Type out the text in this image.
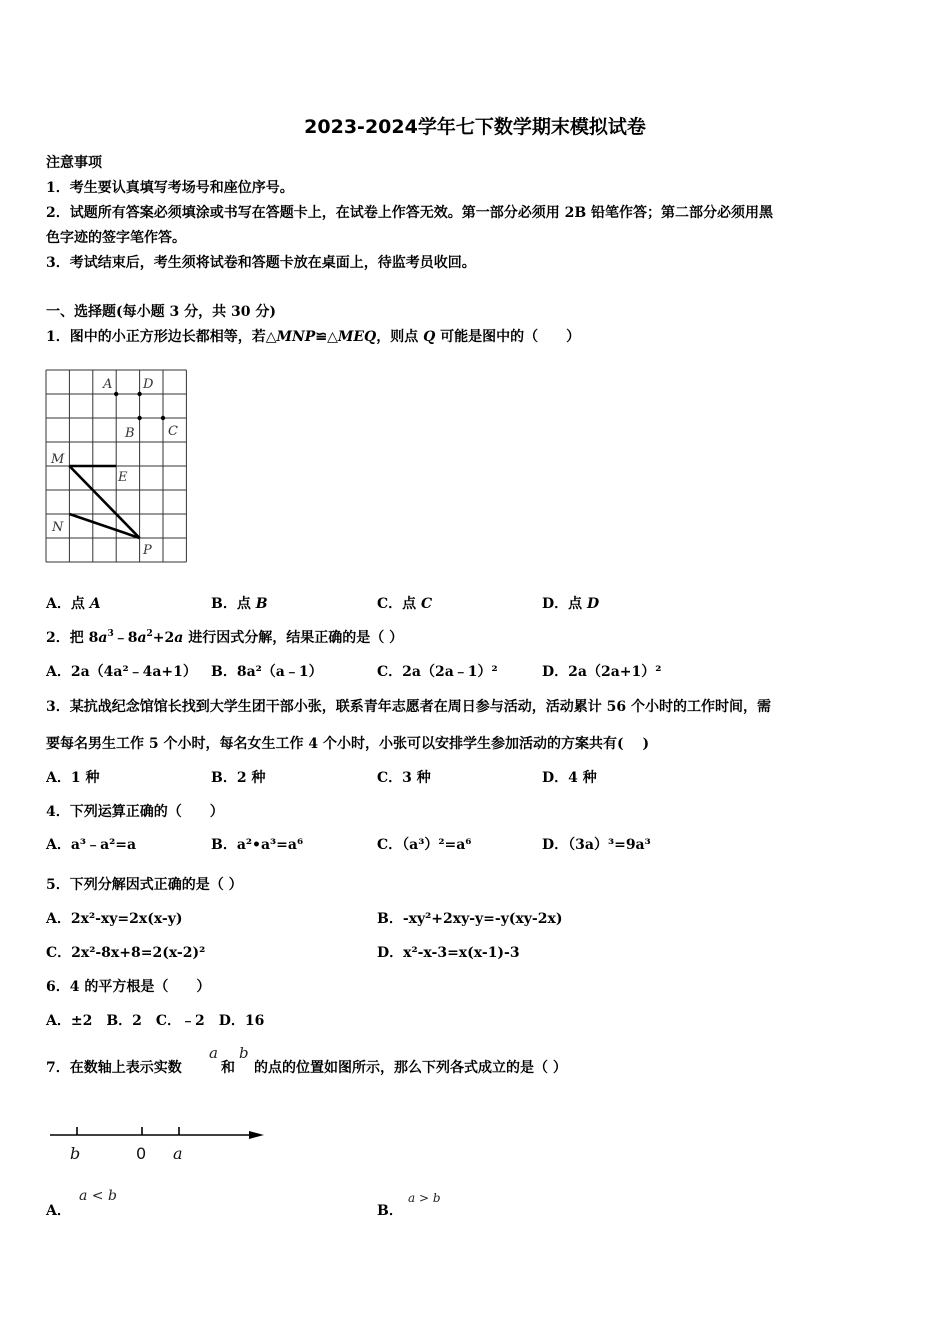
2023-2024学年七下数学期末模拟试卷
注意事项
1．考生要认真填写考场号和座位序号。
2．试题所有答案必须填涂或书写在答题卡上，在试卷上作答无效。第一部分必须用 2B 铅笔作答；第二部分必须用黑
色字迹的签字笔作答。
3．考试结束后，考生须将试卷和答题卡放在桌面上，待监考员收回。
一、选择题(每小题 3 分，共 30 分)
1．图中的小正方形边长都相等，若△MNP≌△MEQ，则点 Q 可能是图中的（　　）
A D
B	C
M
E
N
P
A．点 A	B．点 B	C．点 C	D．点 D
2．把 $8a^3﹣8a^2+2a$ 进行因式分解，结果正确的是（ ）
A．2a（4a²﹣4a+1） B．8a²（a﹣1）	C．2a（2a﹣1）²	D．2a（2a+1）²
3．某抗战纪念馆馆长找到大学生团干部小张，联系青年志愿者在周日参与活动，活动累计 56 个小时的工作时间，需
要每名男生工作 5 个小时，每名女生工作 4 个小时，小张可以安排学生参加活动的方案共有(　 )
A．1 种	B．2 种	C．3 种	D．4 种
4．下列运算正确的（　　）
A．a³﹣a²=a	B．a²•a³=a⁶	C．（a³）²=a⁶	D．（3a）³=9a³
5．下列分解因式正确的是（ ）
A．2x²-xy=2x(x-y)	B．-xy²+2xy-y=-y(xy-2x)
C．2x²-8x+8=2(x-2)²	D．x²-x-3=x(x-1)-3
6．4 的平方根是（　　）
A．±2　B．2　C．﹣2　D．16
7．在数轴上表示实数
a
和
b
的点的位置如图所示，那么下列各式成立的是（ ）
b	0 a
A．
a < b
B．
a > b
